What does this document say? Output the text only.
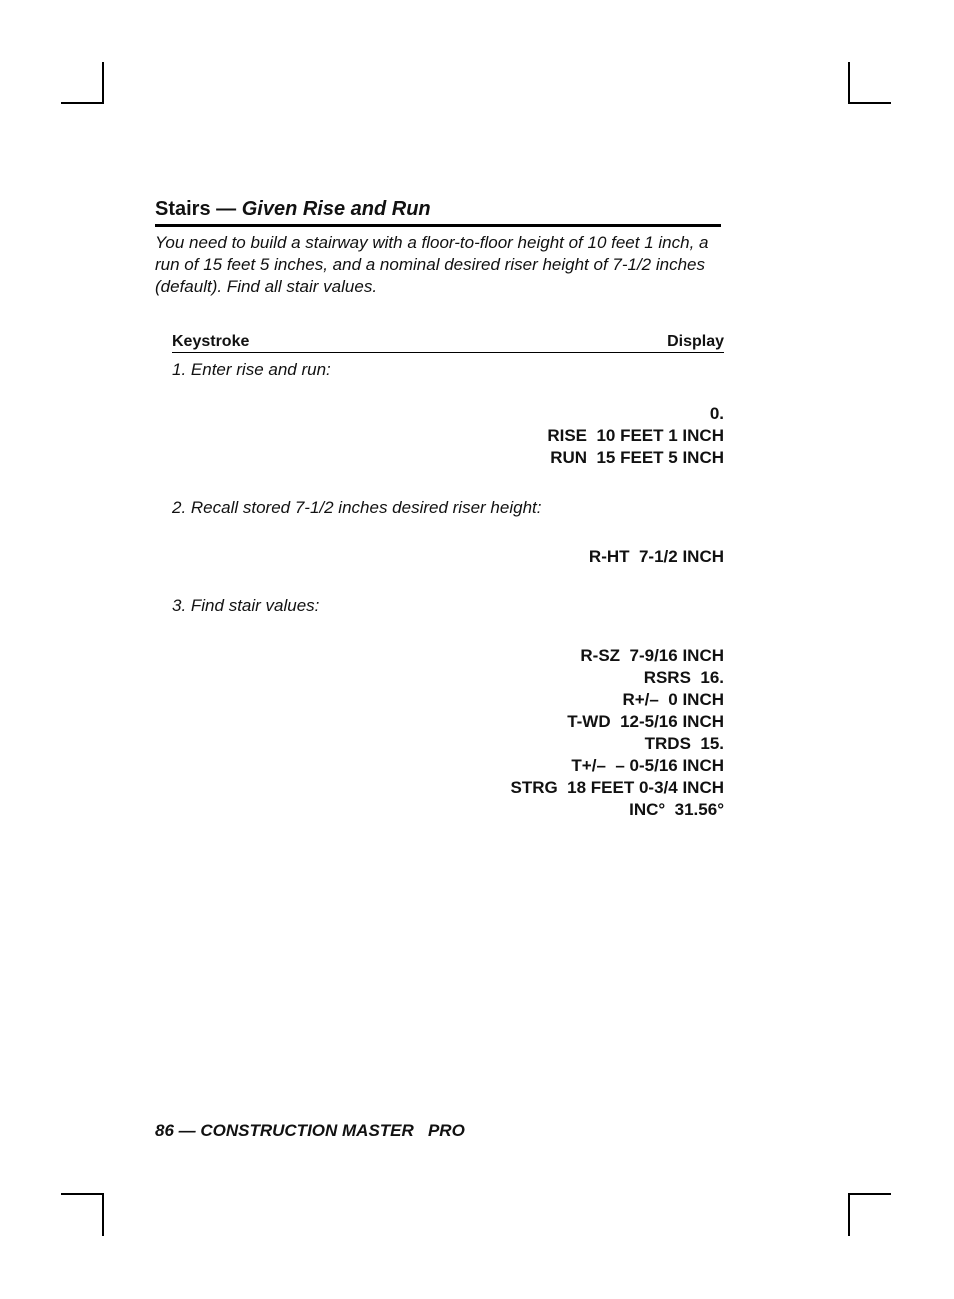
Stairs — Given Rise and Run

You need to build a stairway with a floor-to-floor height of 10 feet 1 inch, a run of 15 feet 5 inches, and a nominal desired riser height of 7-1/2 inches (default). Find all stair values.

Keystroke	Display
1. Enter rise and run:
0.
RISE  10 FEET 1 INCH
RUN  15 FEET 5 INCH
2. Recall stored 7-1/2 inches desired riser height:
R-HT  7-1/2 INCH
3. Find stair values:
R-SZ  7-9/16 INCH
RSRS  16.
R+/–  0 INCH
T-WD  12-5/16 INCH
TRDS  15.
T+/–  – 0-5/16 INCH
STRG  18 FEET 0-3/4 INCH
INC°  31.56°
86 — CONSTRUCTION MASTER   PRO
